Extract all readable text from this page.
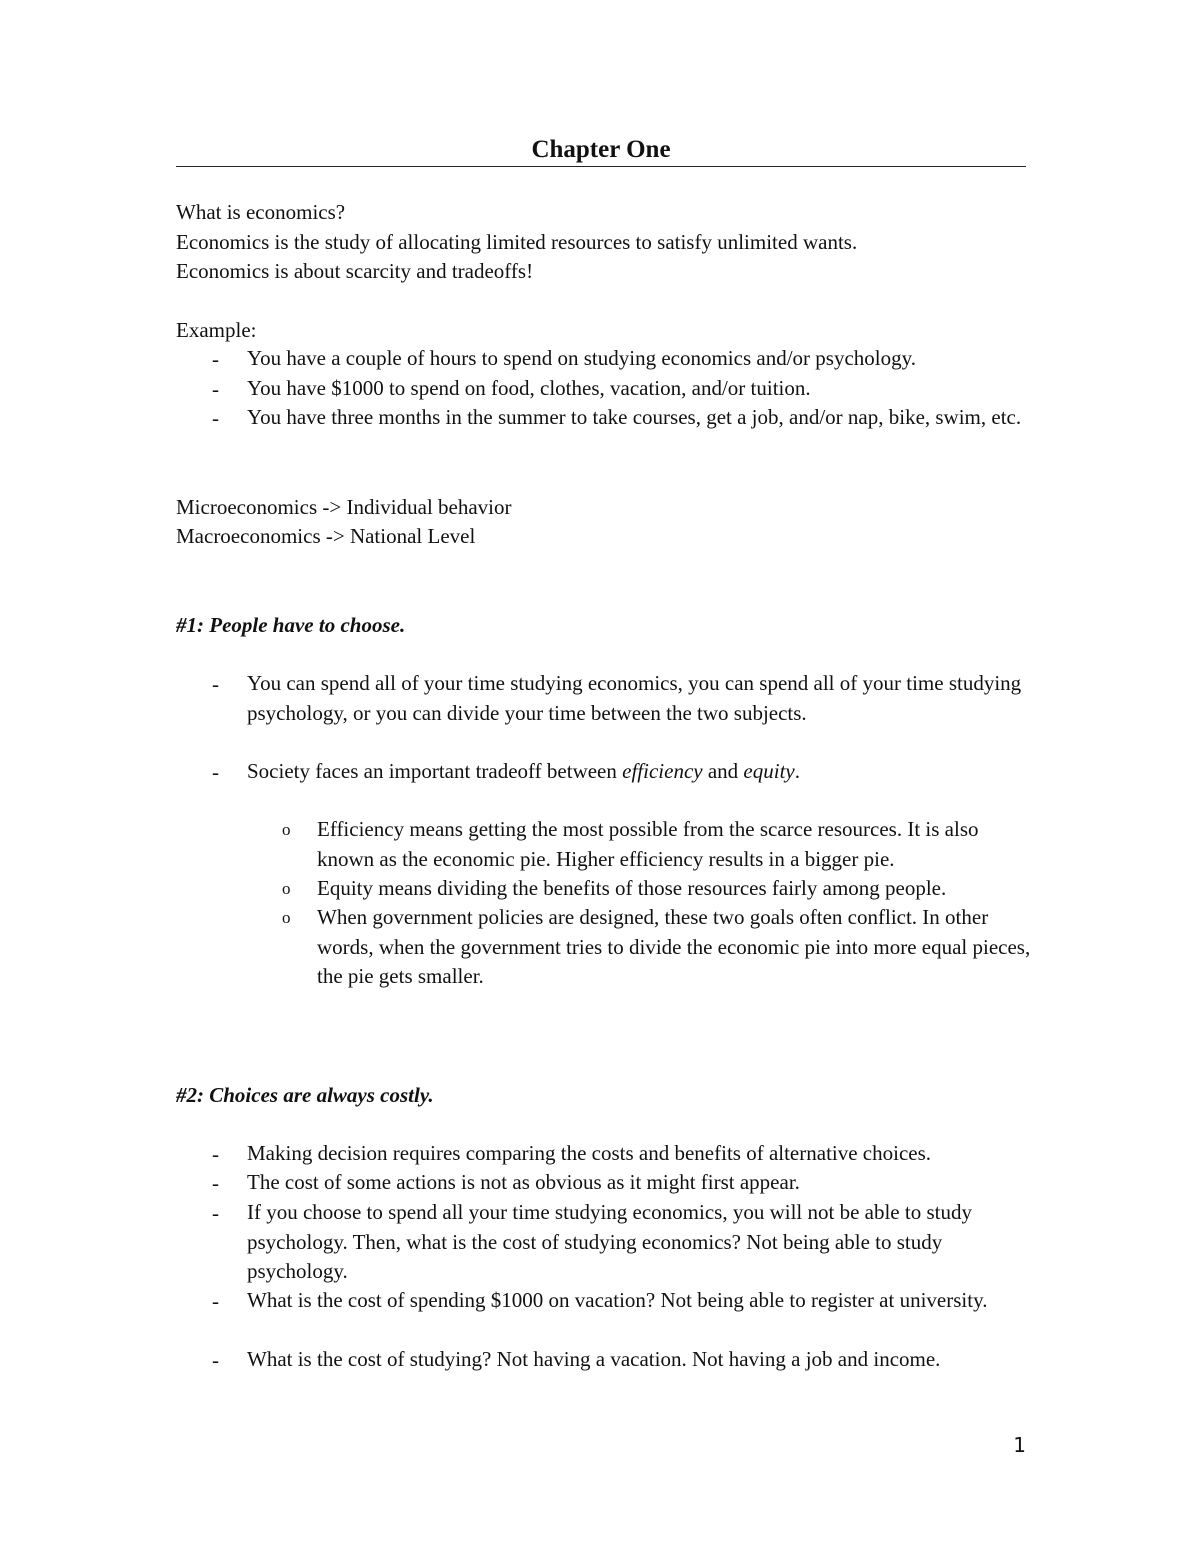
Chapter One
What is economics?
Economics is the study of allocating limited resources to satisfy unlimited wants.
Economics is about scarcity and tradeoffs!
Example:
- You have a couple of hours to spend on studying economics and/or psychology.
- You have $1000 to spend on food, clothes, vacation, and/or tuition.
- You have three months in the summer to take courses, get a job, and/or nap, bike, swim, etc.
Microeconomics -> Individual behavior
Macroeconomics -> National Level
#1: People have to choose.
- You can spend all of your time studying economics, you can spend all of your time studying psychology, or you can divide your time between the two subjects.
- Society faces an important tradeoff between efficiency and equity.
o Efficiency means getting the most possible from the scarce resources. It is also known as the economic pie. Higher efficiency results in a bigger pie.
o Equity means dividing the benefits of those resources fairly among people.
o When government policies are designed, these two goals often conflict. In other words, when the government tries to divide the economic pie into more equal pieces, the pie gets smaller.
#2: Choices are always costly.
- Making decision requires comparing the costs and benefits of alternative choices.
- The cost of some actions is not as obvious as it might first appear.
- If you choose to spend all your time studying economics, you will not be able to study psychology. Then, what is the cost of studying economics? Not being able to study psychology.
- What is the cost of spending $1000 on vacation? Not being able to register at university.
- What is the cost of studying? Not having a vacation. Not having a job and income.
1
